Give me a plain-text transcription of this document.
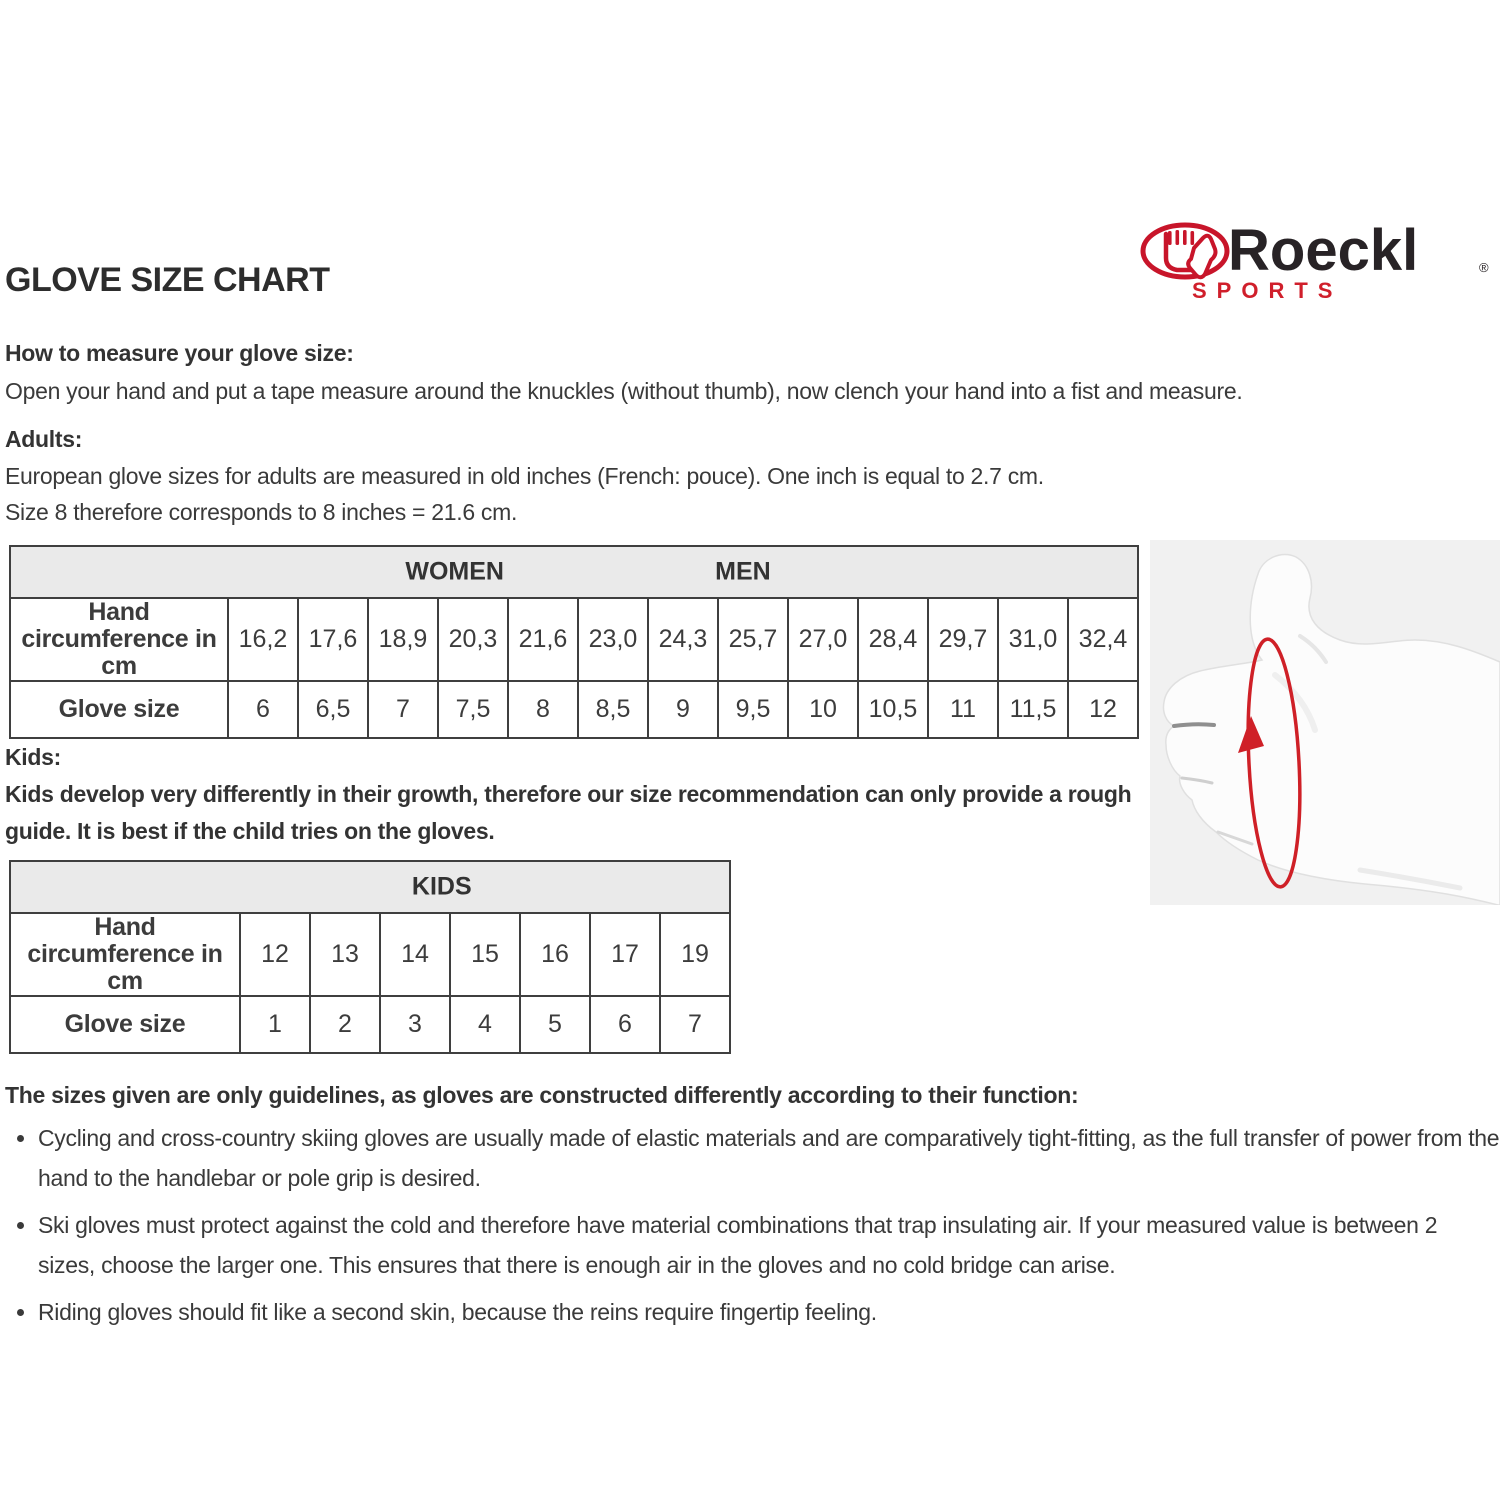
Roeckl	®
SPORTS
GLOVE SIZE CHART

How to measure your glove size:

Open your hand and put a tape measure around the knuckles (without thumb), now clench your hand into a fist and measure.

Adults:

European glove sizes for adults are measured in old inches (French: pouce). One inch is equal to 2.7 cm.

Size 8 therefore corresponds to 8 inches = 21.6 cm.

WOMEN MEN													

Hand circumference in cm	16,2	17,6	18,9	20,3	21,6	23,0	24,3	25,7	27,0	28,4	29,7	31,0	32,4
Glove size	6	6,5	7	7,5	8	8,5	9	9,5	10	10,5	11	11,5	12

Kids:

Kids develop very differently in their growth, therefore our size recommendation can only provide a rough

guide. It is best if the child tries on the gloves.

KIDS							

Hand circumference in cm	12	13	14	15	16	17	19
Glove size	1	2	3	4	5	6	7

The sizes given are only guidelines, as gloves are constructed differently according to their function:

• Cycling and cross-country skiing gloves are usually made of elastic materials and are comparatively tight-fitting, as the full transfer of power from the hand to the handlebar or pole grip is desired.
• Ski gloves must protect against the cold and therefore have material combinations that trap insulating air. If your measured value is between 2 sizes, choose the larger one. This ensures that there is enough air in the gloves and no cold bridge can arise.
• Riding gloves should fit like a second skin, because the reins require fingertip feeling.
